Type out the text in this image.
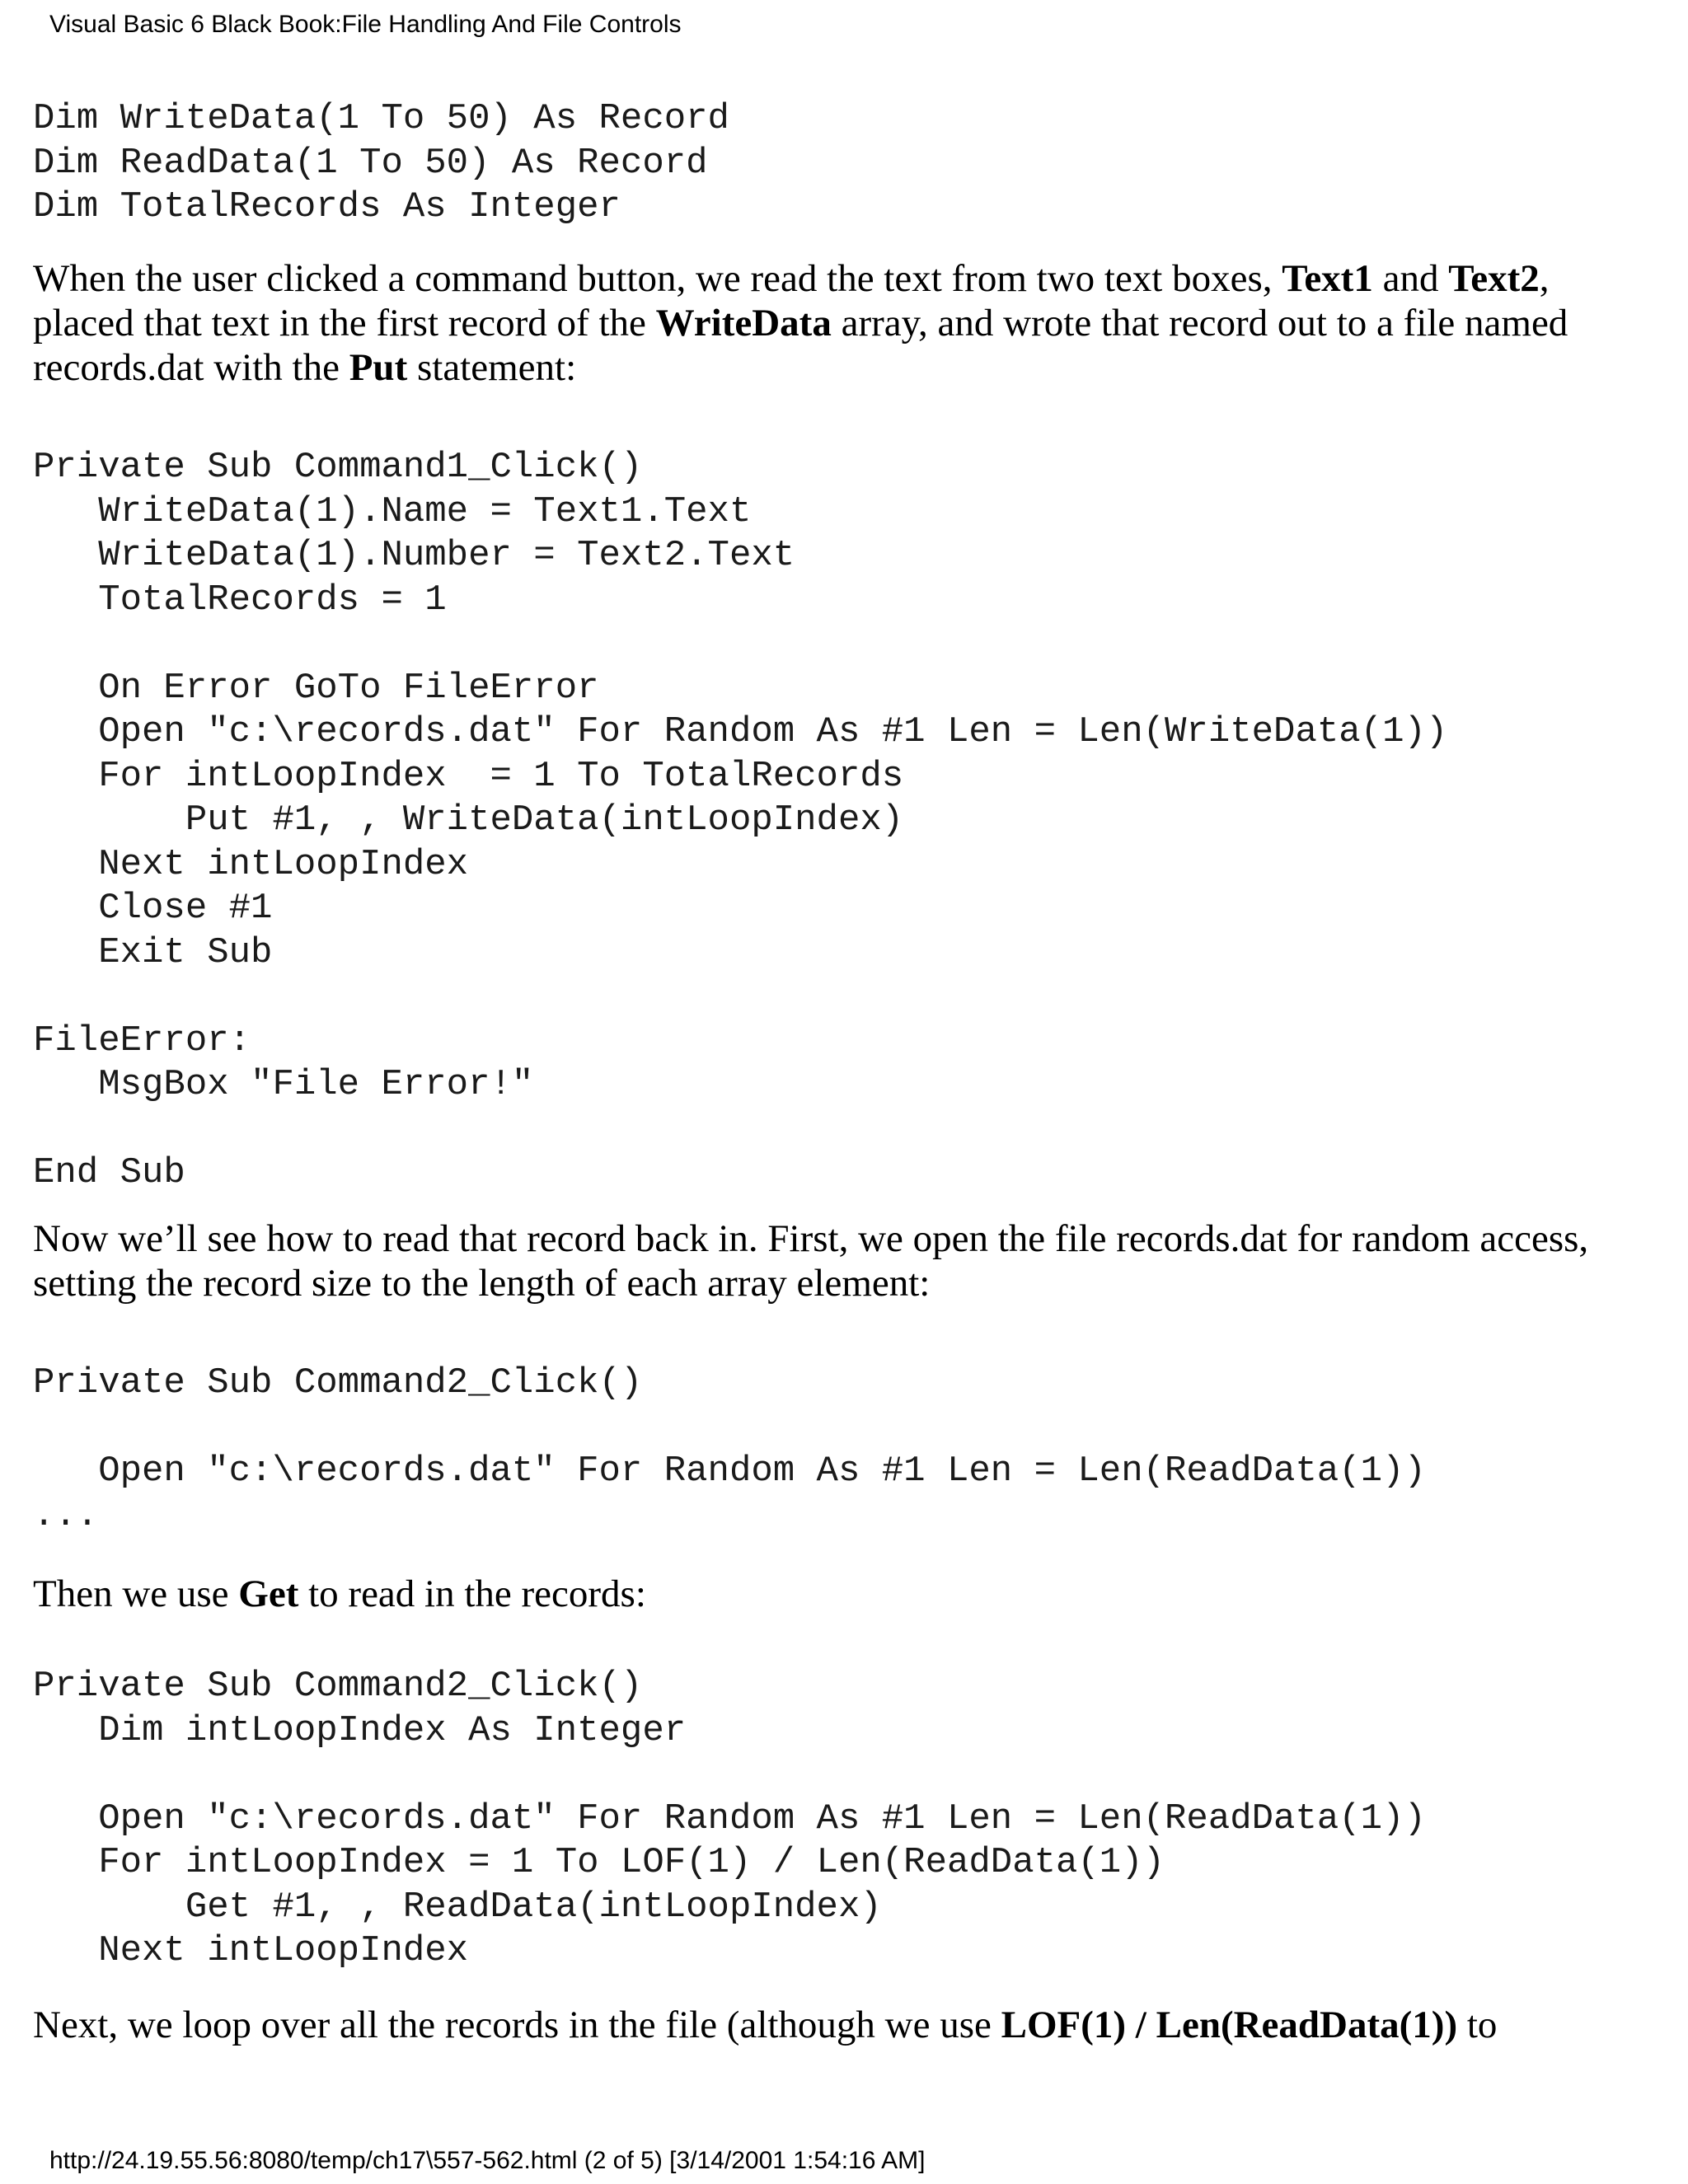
Visual Basic 6 Black Book:File Handling And File Controls
Dim WriteData(1 To 50) As Record
Dim ReadData(1 To 50) As Record
Dim TotalRecords As Integer

When the user clicked a command button, we read the text from two text boxes, Text1 and Text2, placed that text in the first record of the WriteData array, and wrote that record out to a file named records.dat with the Put statement:

Private Sub Command1_Click()
WriteData(1).Name = Text1.Text
WriteData(1).Number = Text2.Text
TotalRecords = 1

On Error GoTo FileError
Open "c:\records.dat" For Random As #1 Len = Len(WriteData(1))
For intLoopIndex  = 1 To TotalRecords
Put #1, , WriteData(intLoopIndex)
Next intLoopIndex
Close #1
Exit Sub

FileError:
MsgBox "File Error!"

End Sub

Now we’ll see how to read that record back in. First, we open the file records.dat for random access, setting the record size to the length of each array element:

Private Sub Command2_Click()

Open "c:\records.dat" For Random As #1 Len = Len(ReadData(1))
...

Then we use Get to read in the records:

Private Sub Command2_Click()
Dim intLoopIndex As Integer

Open "c:\records.dat" For Random As #1 Len = Len(ReadData(1))
For intLoopIndex = 1 To LOF(1) / Len(ReadData(1))
Get #1, , ReadData(intLoopIndex)
Next intLoopIndex

Next, we loop over all the records in the file (although we use LOF(1) / Len(ReadData(1)) to

http://24.19.55.56:8080/temp/ch17\557-562.html (2 of 5) [3/14/2001 1:54:16 AM]
